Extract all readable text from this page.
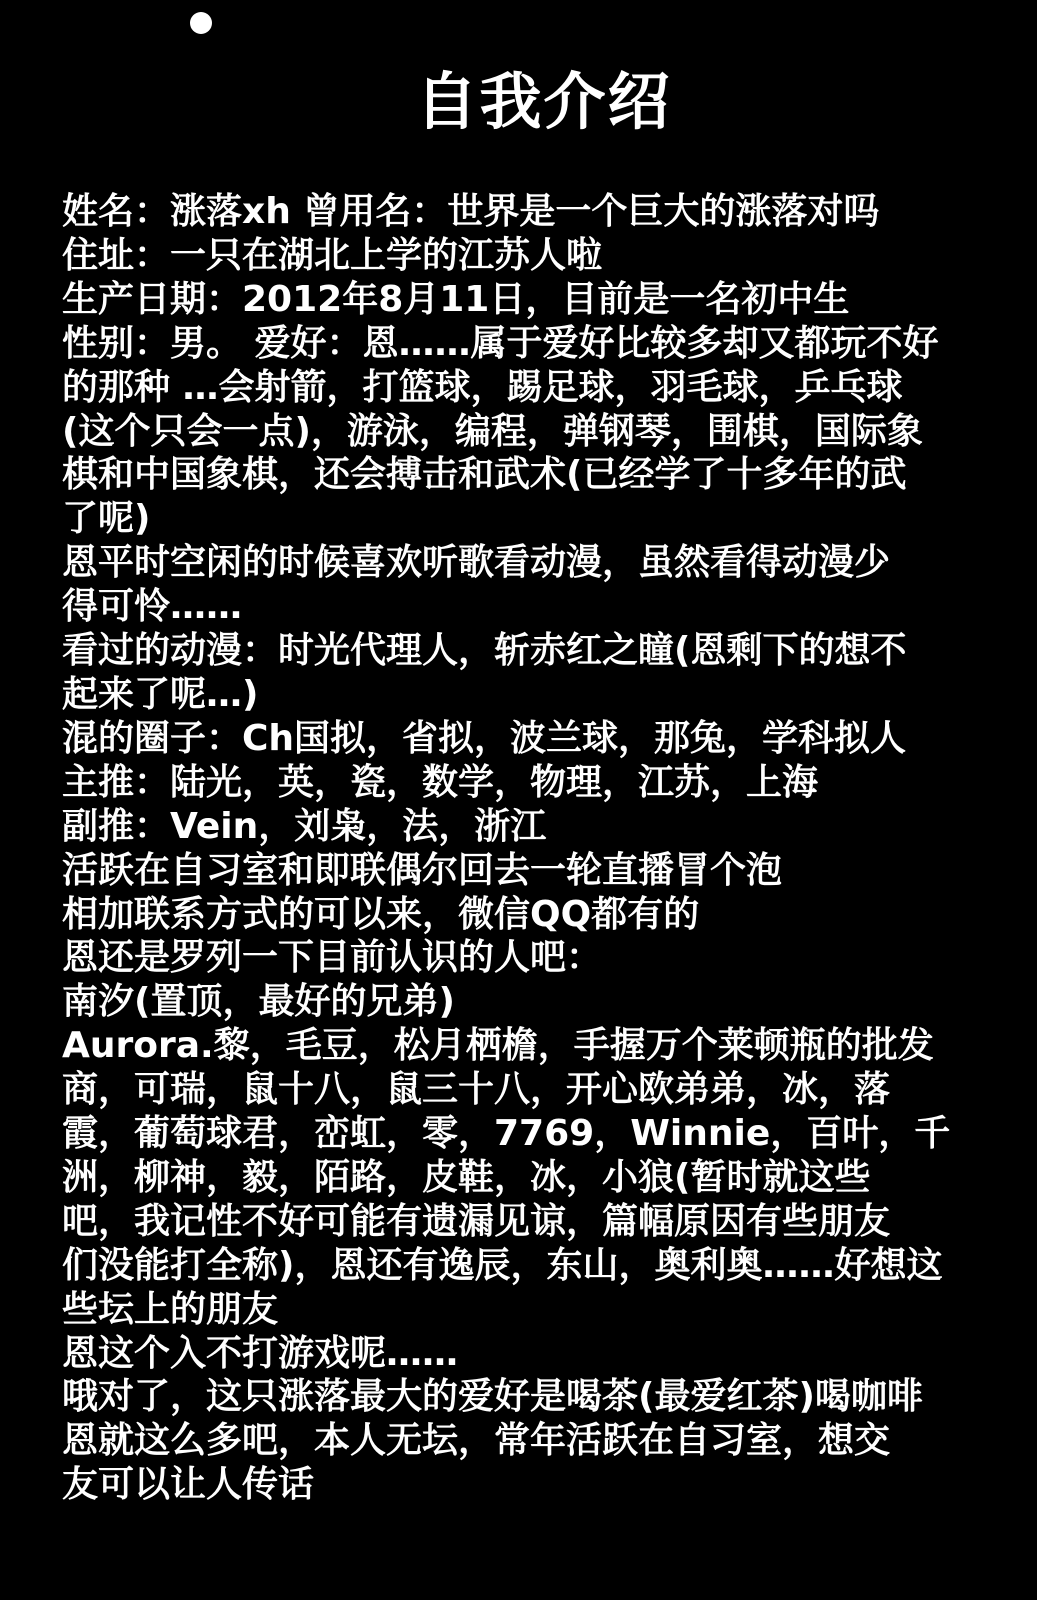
自我介绍
姓名：涨落xh 曾用名：世界是一个巨大的涨落对吗
住址：一只在湖北上学的江苏人啦
生产日期：2012年8月11日，目前是一名初中生
性别：男。 爱好：恩……属于爱好比较多却又都玩不好
的那种 …会射箭，打篮球，踢足球，羽毛球，乒乓球
(这个只会一点)，游泳，编程，弹钢琴，围棋，国际象
棋和中国象棋，还会搏击和武术(已经学了十多年的武
了呢)
恩平时空闲的时候喜欢听歌看动漫，虽然看得动漫少
得可怜……
看过的动漫：时光代理人，斩赤红之瞳(恩剩下的想不
起来了呢…)
混的圈子：Ch国拟，省拟，波兰球，那兔，学科拟人
主推：陆光，英，瓷，数学，物理，江苏，上海
副推：Vein，刘枭，法，浙江
活跃在自习室和即联偶尔回去一轮直播冒个泡
相加联系方式的可以来，微信QQ都有的
恩还是罗列一下目前认识的人吧：
南汐(置顶，最好的兄弟)
Aurora.黎，毛豆，松月栖檐，手握万个莱顿瓶的批发
商，可瑞，鼠十八，鼠三十八，开心欧弟弟，冰，落
霞，葡萄球君，峦虹，零，7769，Winnie，百叶，千
洲，柳神，毅，陌路，皮鞋，冰，小狼(暂时就这些
吧，我记性不好可能有遗漏见谅，篇幅原因有些朋友
们没能打全称)，恩还有逸辰，东山，奥利奥……好想这
些坛上的朋友
恩这个入不打游戏呢……
哦对了，这只涨落最大的爱好是喝茶(最爱红茶)喝咖啡
恩就这么多吧，本人无坛，常年活跃在自习室，想交
友可以让人传话
